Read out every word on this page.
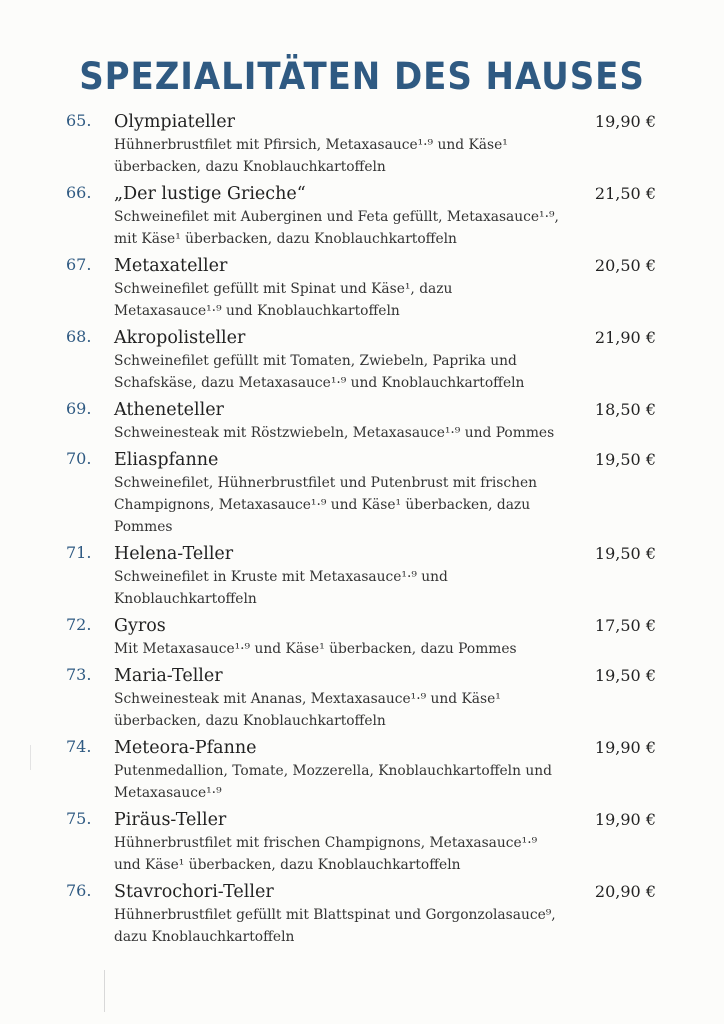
SPEZIALITÄTEN DES HAUSES
65. Olympiateller	19,90 €
Hühnerbrustfilet mit Pfirsich, Metaxasauce¹·⁹ und Käse¹ überbacken, dazu Knoblauchkartoffeln
66. „Der lustige Grieche“	21,50 €
Schweinefilet mit Auberginen und Feta gefüllt, Metaxasauce¹·⁹, mit Käse¹ überbacken, dazu Knoblauchkartoffeln
67. Metaxateller	20,50 €
Schweinefilet gefüllt mit Spinat und Käse¹, dazu Metaxasauce¹·⁹ und Knoblauchkartoffeln
68. Akropolisteller	21,90 €
Schweinefilet gefüllt mit Tomaten, Zwiebeln, Paprika und Schafskäse, dazu Metaxasauce¹·⁹ und Knoblauchkartoffeln
69. Atheneteller	18,50 €
Schweinesteak mit Röstzwiebeln, Metaxasauce¹·⁹ und Pommes
70. Eliaspfanne	19,50 €
Schweinefilet, Hühnerbrustfilet und Putenbrust mit frischen Champignons, Metaxasauce¹·⁹ und Käse¹ überbacken, dazu Pommes
71. Helena-Teller	19,50 €
Schweinefilet in Kruste mit Metaxasauce¹·⁹ und Knoblauchkartoffeln
72. Gyros	17,50 €
Mit Metaxasauce¹·⁹ und Käse¹ überbacken, dazu Pommes
73. Maria-Teller	19,50 €
Schweinesteak mit Ananas, Mextaxasauce¹·⁹ und Käse¹ überbacken, dazu Knoblauchkartoffeln
74. Meteora-Pfanne	19,90 €
Putenmedallion, Tomate, Mozzerella, Knoblauchkartoffeln und Metaxasauce¹·⁹
75. Piräus-Teller	19,90 €
Hühnerbrustfilet mit frischen Champignons, Metaxasauce¹·⁹ und Käse¹ überbacken, dazu Knoblauchkartoffeln
76. Stavrochori-Teller	20,90 €
Hühnerbrustfilet gefüllt mit Blattspinat und Gorgonzolasauce⁹, dazu Knoblauchkartoffeln
